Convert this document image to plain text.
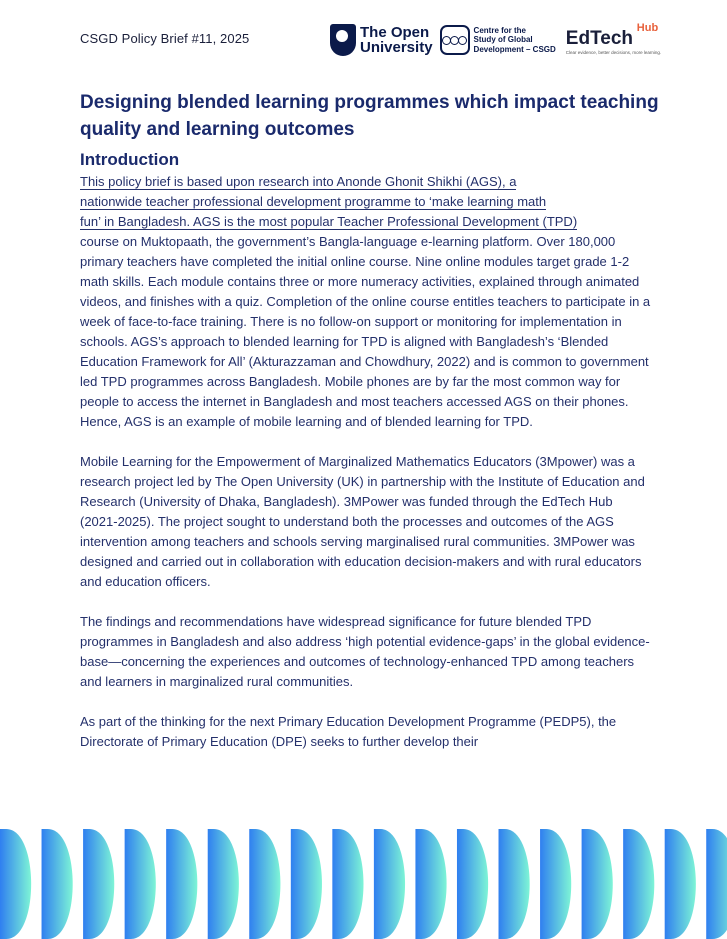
CSGD Policy Brief #11, 2025	The Open
University
Centre for the
Study of Global
Development – CSGD
EdTech Hub
Clear evidence, better decisions, more learning.
Designing blended learning programmes which impact teaching quality and learning outcomes
Introduction

This policy brief is based upon research into Anonde Ghonit Shikhi (AGS), a
nationwide teacher professional development programme to ‘make learning math
fun’ in Bangladesh. AGS is the most popular Teacher Professional Development (TPD)
course on Muktopaath, the government’s Bangla-language e-learning platform. Over 180,000 primary teachers have completed the initial online course. Nine online modules target grade 1-2 math skills. Each module contains three or more numeracy activities, explained through animated videos, and finishes with a quiz. Completion of the online course entitles teachers to participate in a week of face-to-face training. There is no follow-on support or monitoring for implementation in schools. AGS’s approach to blended learning for TPD is aligned with Bangladesh’s ‘Blended Education Framework for All’ (Akturazzaman and Chowdhury, 2022) and is common to government led TPD programmes across Bangladesh. Mobile phones are by far the most common way for people to access the internet in Bangladesh and most teachers accessed AGS on their phones. Hence, AGS is an example of mobile learning and of blended learning for TPD.

Mobile Learning for the Empowerment of Marginalized Mathematics Educators (3Mpower) was a research project led by The Open University (UK) in partnership with the Institute of Education and Research (University of Dhaka, Bangladesh). 3MPower was funded through the EdTech Hub (2021-2025). The project sought to understand both the processes and outcomes of the AGS intervention among teachers and schools serving marginalised rural communities. 3MPower was designed and carried out in collaboration with education decision-makers and with rural educators and education officers.

The findings and recommendations have widespread significance for future blended TPD programmes in Bangladesh and also address ‘high potential evidence-gaps’ in the global evidence-base—concerning the experiences and outcomes of technology-enhanced TPD among teachers and learners in marginalized rural communities.

As part of the thinking for the next Primary Education Development Programme (PEDP5), the Directorate of Primary Education (DPE) seeks to further develop their
